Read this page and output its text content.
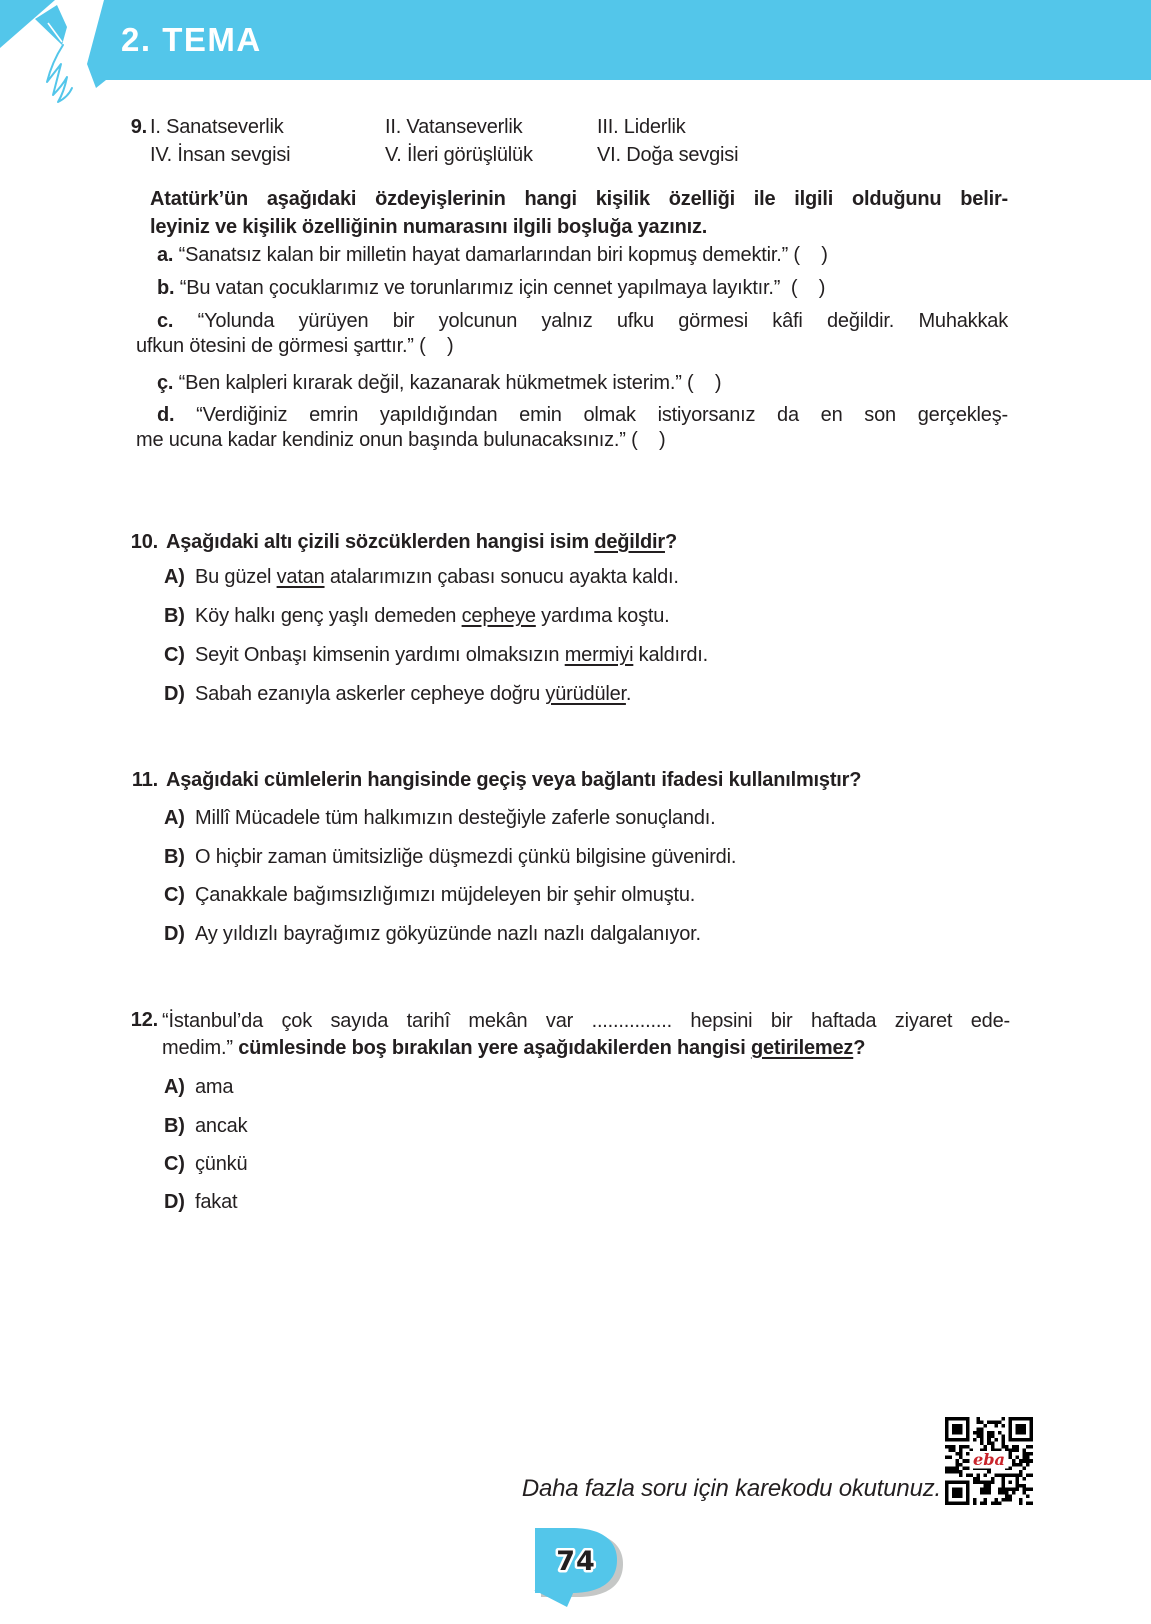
2. TEMA
9. I. Sanatseverlik	II. Vatanseverlik	III. Liderlik
IV. İnsan sevgisi	V. İleri görüşlülük	VI. Doğa sevgisi
Atatürk’ün aşağıdaki özdeyişlerinin hangi kişilik özelliği ile ilgili olduğunu belir-
leyiniz ve kişilik özelliğinin numarasını ilgili boşluğa yazınız.
a. “Sanatsız kalan bir milletin hayat damarlarından biri kopmuş demektir.” (    )
b. “Bu vatan çocuklarımız ve torunlarımız için cennet yapılmaya layıktır.”  (    )
c. “Yolunda yürüyen bir yolcunun yalnız ufku görmesi kâfi değildir. Muhakkak
ufkun ötesini de görmesi şarttır.” (    )
ç. “Ben kalpleri kırarak değil, kazanarak hükmetmek isterim.” (    )
d. “Verdiğiniz emrin yapıldığından emin olmak istiyorsanız da en son gerçekleş-
me ucuna kadar kendiniz onun başında bulunacaksınız.” (    )
10. Aşağıdaki altı çizili sözcüklerden hangisi isim değildir?
A) Bu güzel vatan atalarımızın çabası sonucu ayakta kaldı.
B) Köy halkı genç yaşlı demeden cepheye yardıma koştu.
C) Seyit Onbaşı kimsenin yardımı olmaksızın mermiyi kaldırdı.
D) Sabah ezanıyla askerler cepheye doğru yürüdüler.
11. Aşağıdaki cümlelerin hangisinde geçiş veya bağlantı ifadesi kullanılmıştır?
A) Millî Mücadele tüm halkımızın desteğiyle zaferle sonuçlandı.
B) O hiçbir zaman ümitsizliğe düşmezdi çünkü bilgisine güvenirdi.
C) Çanakkale bağımsızlığımızı müjdeleyen bir şehir olmuştu.
D) Ay yıldızlı bayrağımız gökyüzünde nazlı nazlı dalgalanıyor.
12. “İstanbul’da çok sayıda tarihî mekân var ............... hepsini bir haftada ziyaret ede-
medim.” cümlesinde boş bırakılan yere aşağıdakilerden hangisi getirilemez?
A) ama
B) ancak
C) çünkü
D) fakat
Daha fazla soru için karekodu okutunuz.
eba
74
